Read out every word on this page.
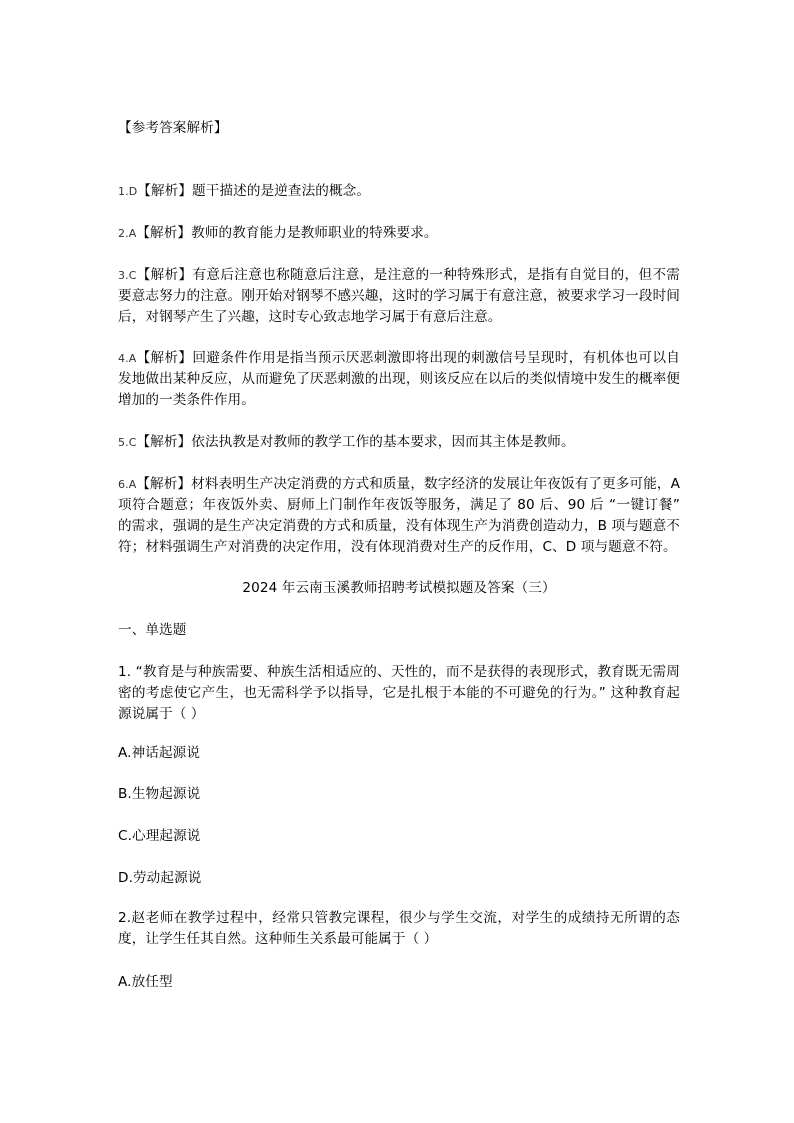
【参考答案解析】

1.D【解析】题干描述的是逆查法的概念。

2.A【解析】教师的教育能力是教师职业的特殊要求。

3.C【解析】有意后注意也称随意后注意，是注意的一种特殊形式，是指有自觉目的，但不需要意志努力的注意。刚开始对钢琴不感兴趣，这时的学习属于有意注意，被要求学习一段时间后，对钢琴产生了兴趣，这时专心致志地学习属于有意后注意。

4.A【解析】回避条件作用是指当预示厌恶刺激即将出现的刺激信号呈现时，有机体也可以自发地做出某种反应，从而避免了厌恶刺激的出现，则该反应在以后的类似情境中发生的概率便增加的一类条件作用。

5.C【解析】依法执教是对教师的教学工作的基本要求，因而其主体是教师。

6.A【解析】材料表明生产决定消费的方式和质量，数字经济的发展让年夜饭有了更多可能，A 项符合题意；年夜饭外卖、厨师上门制作年夜饭等服务，满足了 80 后、90 后 “一键订餐” 的需求，强调的是生产决定消费的方式和质量，没有体现生产为消费创造动力，B 项与题意不符；材料强调生产对消费的决定作用，没有体现消费对生产的反作用，C、D 项与题意不符。

2024 年云南玉溪教师招聘考试模拟题及答案（三）

一、单选题

1. “教育是与种族需要、种族生活相适应的、天性的，而不是获得的表现形式，教育既无需周密的考虑使它产生，也无需科学予以指导，它是扎根于本能的不可避免的行为。” 这种教育起源说属于（ ）

A.神话起源说

B.生物起源说

C.心理起源说

D.劳动起源说

2.赵老师在教学过程中，经常只管教完课程，很少与学生交流，对学生的成绩持无所谓的态度，让学生任其自然。这种师生关系最可能属于（ ）

A.放任型
